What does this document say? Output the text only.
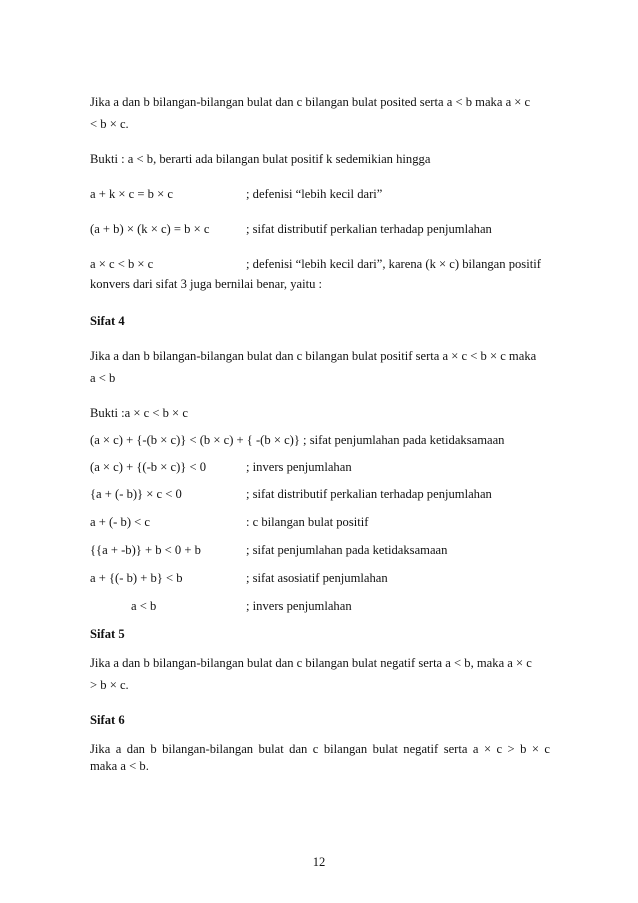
Jika a dan b bilangan-bilangan bulat dan c bilangan bulat posited serta a < b maka a × c
< b × c.
Bukti : a < b, berarti ada bilangan bulat positif k sedemikian hingga
a + k × c = b × c	; defenisi “lebih kecil dari”
(a + b) × (k × c) = b × c	; sifat distributif perkalian terhadap penjumlahan
a × c < b × c	; defenisi “lebih kecil dari”, karena (k × c) bilangan positif
konvers dari sifat 3 juga bernilai benar, yaitu :
Sifat 4
Jika a dan b bilangan-bilangan bulat dan c bilangan bulat positif serta a × c < b × c maka
a < b
Bukti :a × c < b × c
(a × c) + {-(b × c)} < (b × c) + { -(b × c)} ; sifat penjumlahan pada ketidaksamaan
(a × c) + {(-b × c)} < 0	; invers penjumlahan
{a + (- b)} × c < 0	; sifat distributif perkalian terhadap penjumlahan
a + (- b) < c	: c bilangan bulat positif
{{a + -b)} + b < 0 + b	; sifat penjumlahan pada ketidaksamaan
a + {(- b) + b} < b	; sifat asosiatif penjumlahan
a < b	; invers penjumlahan
Sifat 5
Jika a dan b bilangan-bilangan bulat dan c bilangan bulat negatif serta a < b, maka a × c
> b × c.
Sifat 6
Jika a dan b bilangan-bilangan bulat dan c bilangan bulat negatif serta a × c > b × c
maka a < b.
12
